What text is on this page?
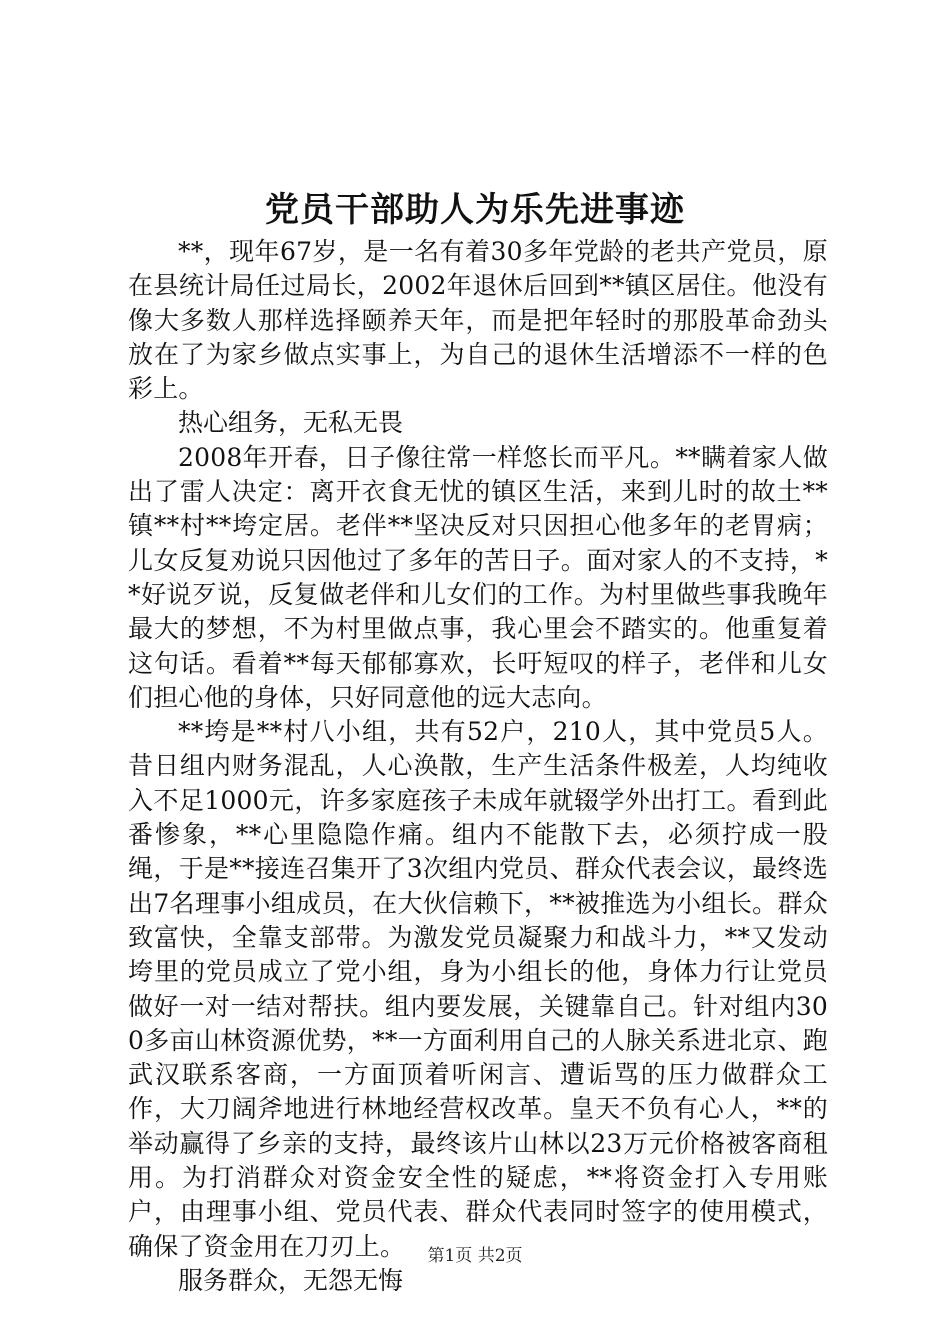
党员干部助人为乐先进事迹

**，现年67岁，是一名有着30多年党龄的老共产党员，原在县统计局任过局长，2002年退休后回到**镇区居住。他没有像大多数人那样选择颐养天年，而是把年轻时的那股革命劲头放在了为家乡做点实事上，为自己的退休生活增添不一样的色彩上。

热心组务，无私无畏

2008年开春，日子像往常一样悠长而平凡。**瞒着家人做出了雷人决定：离开衣食无忧的镇区生活，来到儿时的故土**镇**村**垮定居。老伴**坚决反对只因担心他多年的老胃病；儿女反复劝说只因他过了多年的苦日子。面对家人的不支持，**好说歹说，反复做老伴和儿女们的工作。为村里做些事我晚年最大的梦想，不为村里做点事，我心里会不踏实的。他重复着这句话。看着**每天郁郁寡欢，长吁短叹的样子，老伴和儿女们担心他的身体，只好同意他的远大志向。

**垮是**村八小组，共有52户，210人，其中党员5人。昔日组内财务混乱，人心涣散，生产生活条件极差，人均纯收入不足1000元，许多家庭孩子未成年就辍学外出打工。看到此番惨象，**心里隐隐作痛。组内不能散下去，必须拧成一股绳，于是**接连召集开了3次组内党员、群众代表会议，最终选出7名理事小组成员，在大伙信赖下，**被推选为小组长。群众致富快，全靠支部带。为激发党员凝聚力和战斗力，**又发动垮里的党员成立了党小组，身为小组长的他，身体力行让党员做好一对一结对帮扶。组内要发展，关键靠自己。针对组内300多亩山林资源优势，**一方面利用自己的人脉关系进北京、跑武汉联系客商，一方面顶着听闲言、遭诟骂的压力做群众工作，大刀阔斧地进行林地经营权改革。皇天不负有心人，**的举动赢得了乡亲的支持，最终该片山林以23万元价格被客商租用。为打消群众对资金安全性的疑虑，**将资金打入专用账户，由理事小组、党员代表、群众代表同时签字的使用模式，确保了资金用在刀刃上。

服务群众，无怨无悔

第1页 共2页
